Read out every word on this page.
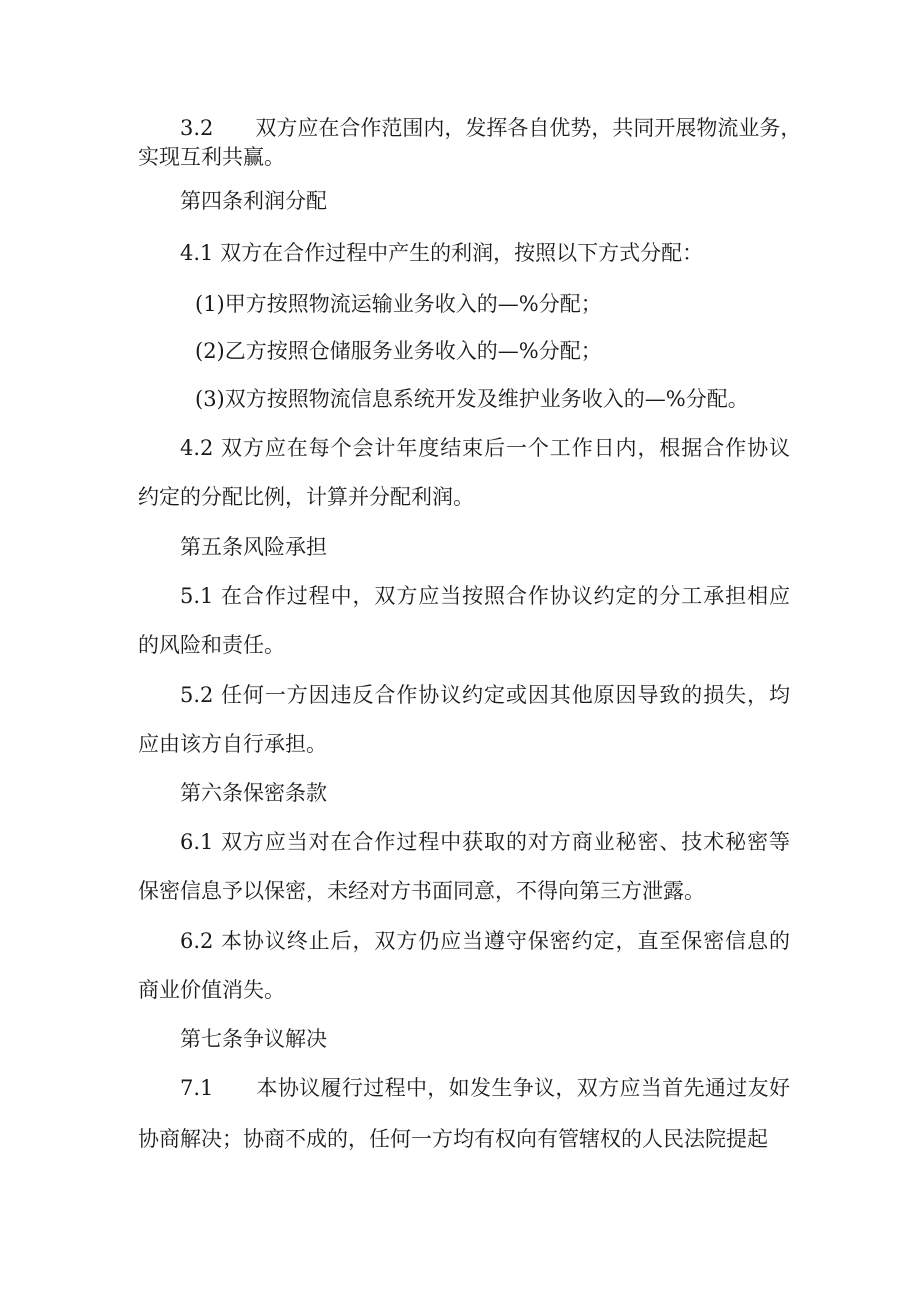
3.2　　双方应在合作范围内，发挥各自优势，共同开展物流业务，

实现互利共赢。

第四条利润分配

4.1 双方在合作过程中产生的利润，按照以下方式分配：

(1)甲方按照物流运输业务收入的—%分配；

(2)乙方按照仓储服务业务收入的—%分配；

(3)双方按照物流信息系统开发及维护业务收入的—%分配。

4.2 双方应在每个会计年度结束后一个工作日内，根据合作协议

约定的分配比例，计算并分配利润。

第五条风险承担

5.1 在合作过程中，双方应当按照合作协议约定的分工承担相应

的风险和责任。

5.2 任何一方因违反合作协议约定或因其他原因导致的损失，均

应由该方自行承担。

第六条保密条款

6.1 双方应当对在合作过程中获取的对方商业秘密、技术秘密等

保密信息予以保密，未经对方书面同意，不得向第三方泄露。

6.2 本协议终止后，双方仍应当遵守保密约定，直至保密信息的

商业价值消失。

第七条争议解决

7.1　　本协议履行过程中，如发生争议，双方应当首先通过友好

协商解决；协商不成的，任何一方均有权向有管辖权的人民法院提起
